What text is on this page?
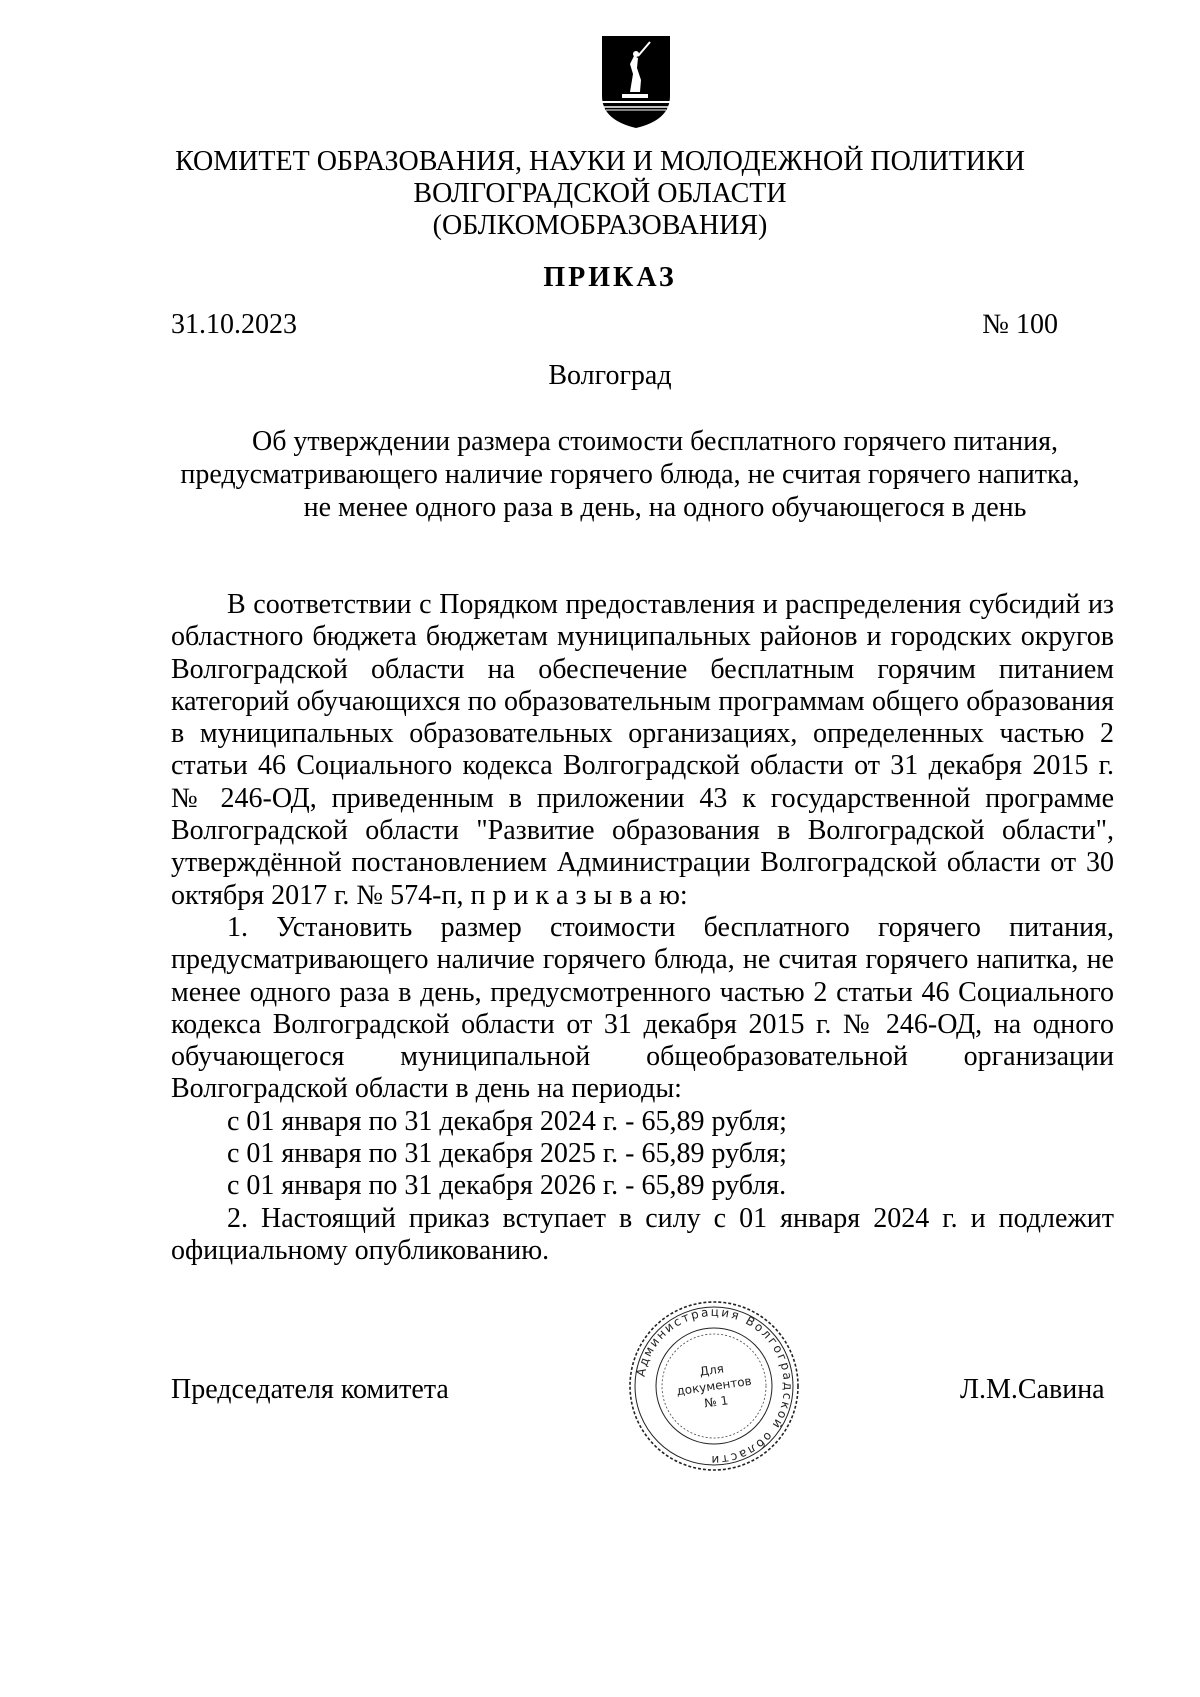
КОМИТЕТ ОБРАЗОВАНИЯ, НАУКИ И МОЛОДЕЖНОЙ ПОЛИТИКИ
ВОЛГОГРАДСКОЙ ОБЛАСТИ
(ОБЛКОМОБРАЗОВАНИЯ)
ПРИКАЗ
31.10.2023	№ 100
Волгоград
Об утверждении размера стоимости бесплатного горячего питания,
предусматривающего наличие горячего блюда, не считая горячего напитка,
не менее одного раза в день, на одного обучающегося в день

В соответствии с Порядком предоставления и распределения субсидий из областного бюджета бюджетам муниципальных районов и городских округов Волгоградской области на обеспечение бесплатным горячим питанием категорий обучающихся по образовательным программам общего образования в муниципальных образовательных организациях, определенных частью 2 статьи 46 Социального кодекса Волгоградской области от 31 декабря 2015 г. № 246-ОД, приведенным в приложении 43 к государственной программе Волгоградской области "Развитие образования в Волгоградской области", утверждённой постановлением Администрации Волгоградской области от 30 октября 2017 г. № 574-п, п р и к а з ы в а ю:

1. Установить размер стоимости бесплатного горячего питания, предусматривающего наличие горячего блюда, не считая горячего напитка, не менее одного раза в день, предусмотренного частью 2 статьи 46 Социального кодекса Волгоградской области от 31 декабря 2015 г. № 246-ОД, на одного обучающегося муниципальной общеобразовательной организации Волгоградской области в день на периоды:

с 01 января по 31 декабря 2024 г. - 65,89 рубля;

с 01 января по 31 декабря 2025 г. - 65,89 рубля;

с 01 января по 31 декабря 2026 г. - 65,89 рубля.

2. Настоящий приказ вступает в силу с 01 января 2024 г. и подлежит официальному опубликованию.

Председателя комитета	Л.М.Савина
Администрация Волгоградской области
Для
документов
№ 1
